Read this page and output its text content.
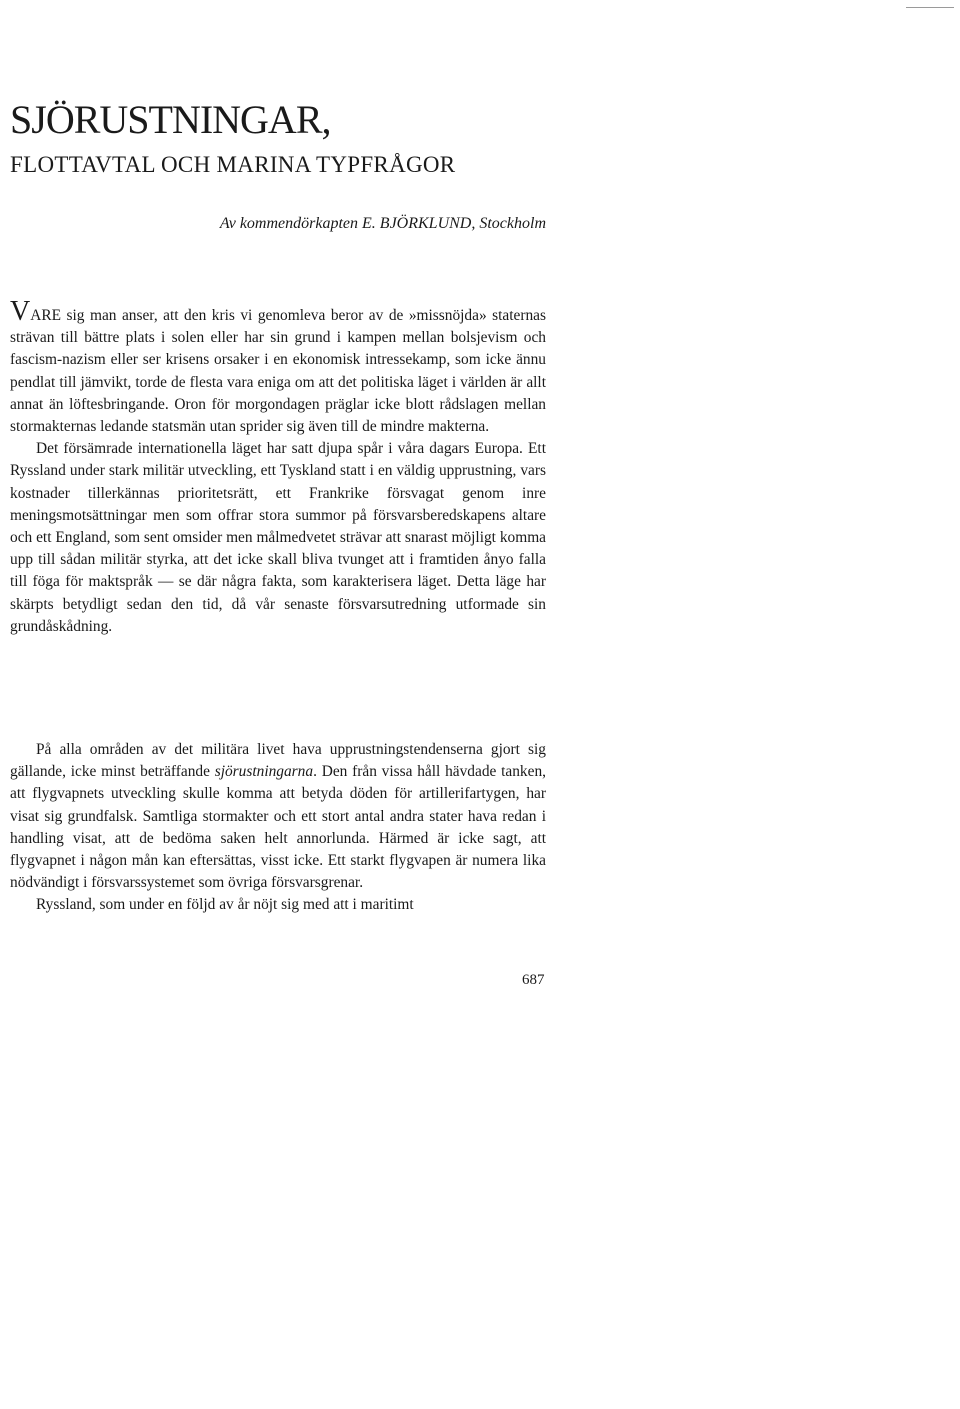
SJÖRUSTNINGAR,
FLOTTAVTAL OCH MARINA TYPFRÅGOR

Av kommendörkapten E. BJÖRKLUND, Stockholm

VARE sig man anser, att den kris vi genomleva beror av de »missnöjda» staternas strävan till bättre plats i solen eller har sin grund i kampen mellan bolsjevism och fascism-nazism eller ser krisens orsaker i en ekonomisk intressekamp, som icke ännu pendlat till jämvikt, torde de flesta vara eniga om att det politiska läget i världen är allt annat än löftesbringande. Oron för morgondagen präglar icke blott rådslagen mellan stormakternas ledande statsmän utan sprider sig även till de mindre makterna.

Det försämrade internationella läget har satt djupa spår i våra dagars Europa. Ett Ryssland under stark militär utveckling, ett Tyskland statt i en väldig upprustning, vars kostnader tillerkännas prioritetsrätt, ett Frankrike försvagat genom inre meningsmotsättningar men som offrar stora summor på försvarsberedskapens altare och ett England, som sent omsider men målmedvetet strävar att snarast möjligt komma upp till sådan militär styrka, att det icke skall bliva tvunget att i framtiden ånyo falla till föga för maktspråk — se där några fakta, som karakterisera läget. Detta läge har skärpts betydligt sedan den tid, då vår senaste försvarsutredning utformade sin grundåskådning.

På alla områden av det militära livet hava upprustningstendenserna gjort sig gällande, icke minst beträffande sjörustningarna. Den från vissa håll hävdade tanken, att flygvapnets utveckling skulle komma att betyda döden för artillerifartygen, har visat sig grundfalsk. Samtliga stormakter och ett stort antal andra stater hava redan i handling visat, att de bedöma saken helt annorlunda. Härmed är icke sagt, att flygvapnet i någon mån kan eftersättas, visst icke. Ett starkt flygvapen är numera lika nödvändigt i försvarssystemet som övriga försvarsgrenar.

Ryssland, som under en följd av år nöjt sig med att i maritimt

687
